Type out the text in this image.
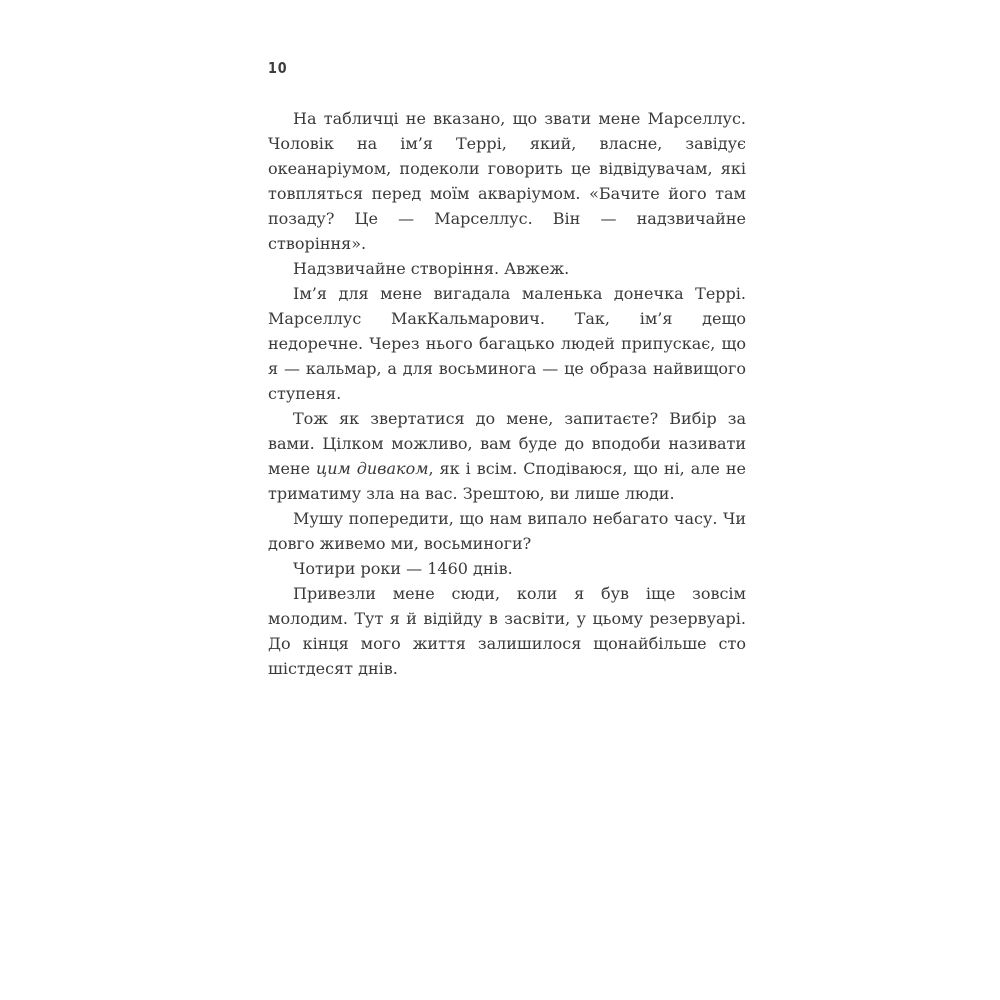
10

На табличці не вказано, що звати мене Марселлус. Чоловік на ім’я Террі, який, власне, завідує океанаріумом, подеколи говорить це відвідувачам, які товпляться перед моїм акваріумом. «Бачите його там позаду? Це — Марселлус. Він — надзвичайне створіння».

Надзвичайне створіння. Авжеж.

Ім’я для мене вигадала маленька донечка Террі. Марселлус МакКальмарович. Так, ім’я дещо недоречне. Через нього багацько людей припускає, що я — кальмар, а для восьминога — це образа найвищого ступеня.

Тож як звертатися до мене, запитаєте? Вибір за вами. Цілком можливо, вам буде до вподоби називати мене цим диваком, як і всім. Сподіваюся, що ні, але не триматиму зла на вас. Зрештою, ви лише люди.

Мушу попередити, що нам випало небагато часу. Чи довго живемо ми, восьминоги?

Чотири роки — 1460 днів.

Привезли мене сюди, коли я був іще зовсім молодим. Тут я й відійду в засвіти, у цьому резервуарі. До кінця мого життя залишилося щонайбільше сто шістдесят днів.
